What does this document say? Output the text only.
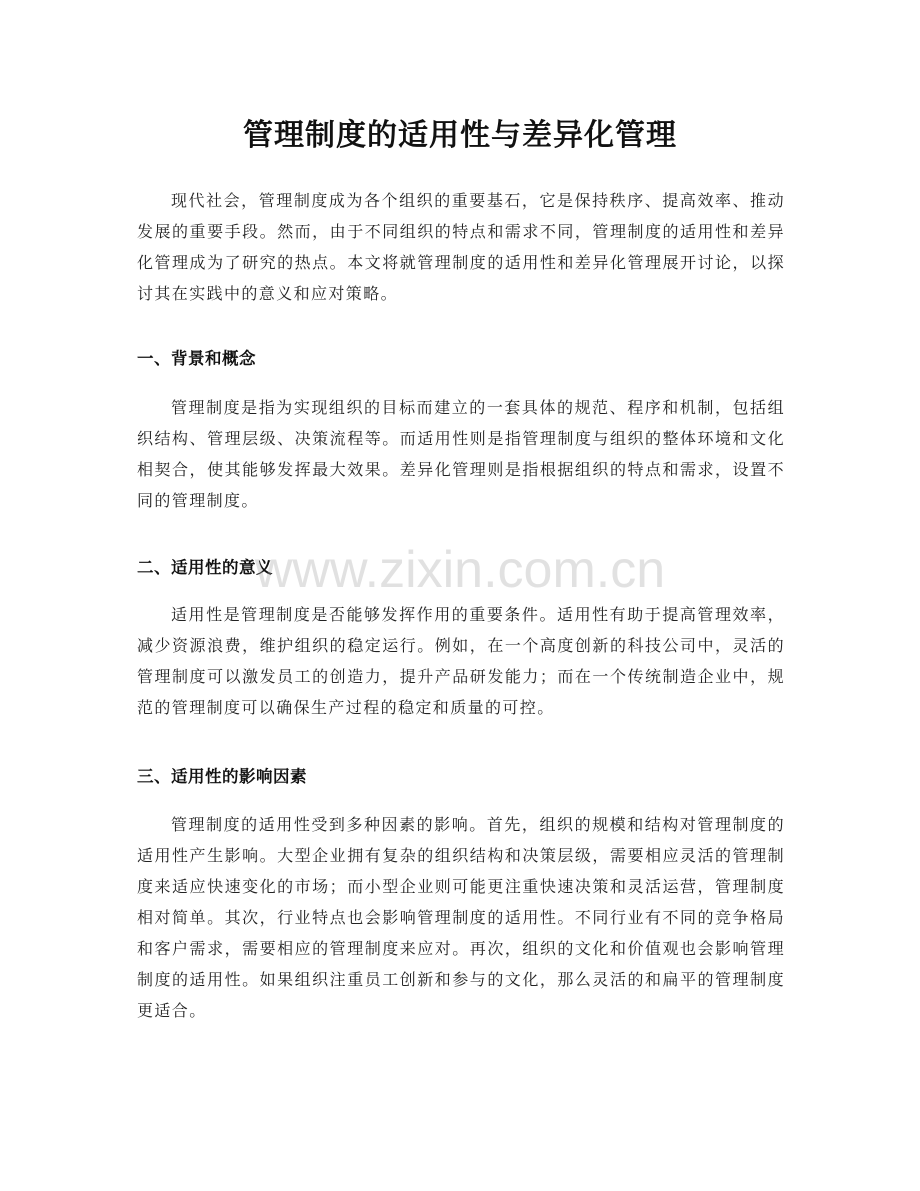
管理制度的适用性与差异化管理

现代社会，管理制度成为各个组织的重要基石，它是保持秩序、提高效率、推动发展的重要手段。然而，由于不同组织的特点和需求不同，管理制度的适用性和差异化管理成为了研究的热点。本文将就管理制度的适用性和差异化管理展开讨论，以探讨其在实践中的意义和应对策略。

一、背景和概念

管理制度是指为实现组织的目标而建立的一套具体的规范、程序和机制，包括组织结构、管理层级、决策流程等。而适用性则是指管理制度与组织的整体环境和文化相契合，使其能够发挥最大效果。差异化管理则是指根据组织的特点和需求，设置不同的管理制度。

二、适用性的意义

适用性是管理制度是否能够发挥作用的重要条件。适用性有助于提高管理效率，减少资源浪费，维护组织的稳定运行。例如，在一个高度创新的科技公司中，灵活的管理制度可以激发员工的创造力，提升产品研发能力；而在一个传统制造企业中，规范的管理制度可以确保生产过程的稳定和质量的可控。

三、适用性的影响因素

管理制度的适用性受到多种因素的影响。首先，组织的规模和结构对管理制度的适用性产生影响。大型企业拥有复杂的组织结构和决策层级，需要相应灵活的管理制度来适应快速变化的市场；而小型企业则可能更注重快速决策和灵活运营，管理制度相对简单。其次，行业特点也会影响管理制度的适用性。不同行业有不同的竞争格局和客户需求，需要相应的管理制度来应对。再次，组织的文化和价值观也会影响管理制度的适用性。如果组织注重员工创新和参与的文化，那么灵活的和扁平的管理制度更适合。

www.zixin.com.cn
